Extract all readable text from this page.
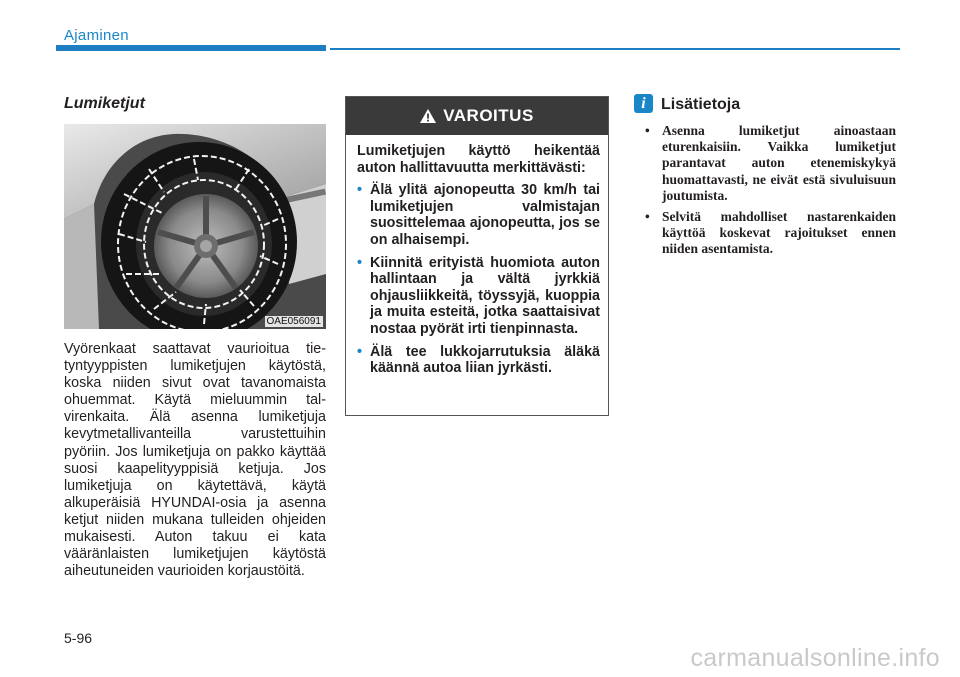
Ajaminen
Lumiketjut
OAE056091
Vyörenkaat saattavat vaurioitua tietyntyyppisten lumiketjujen käytöstä, koska niiden sivut ovat tavanomaista ohuemmat. Käytä mieluummin talvirenkaita. Älä asenna lumiketjuja kevytmetallivanteilla varustettuihin pyöriin. Jos lumiketjuja on pakko käyttää suosi kaapelityyppisiä ketjuja. Jos lumiketjuja on käytettävä, käytä alkuperäisiä HYUNDAI-osia ja asenna ketjut niiden mukana tulleiden ohjeiden mukaisesti. Auton takuu ei kata vääränlaisten lumiketjujen käytöstä aiheutuneiden vaurioiden korjaustöitä.
VAROITUS
Lumiketjujen käyttö heikentää auton hallittavuutta merkittävästi:
• Älä ylitä ajonopeutta 30 km/h tai lumiketjujen valmistajan suosittelemaa ajonopeutta, jos se on alhaisempi.
• Kiinnitä erityistä huomiota auton hallintaan ja vältä jyrkkiä ohjausliikkeitä, töyssyjä, kuoppia ja muita esteitä, jotka saattaisivat nostaa pyörät irti tienpinnasta.
• Älä tee lukkojarrutuksia äläkä käännä autoa liian jyrkästi.
i Lisätietoja
• Asenna lumiketjut ainoastaan eturenkaisiin. Vaikka lumiketjut parantavat auton etenemiskykyä huomattavasti, ne eivät estä sivuluisuun joutumista.
• Selvitä mahdolliset nastarenkaiden käyttöä koskevat rajoitukset ennen niiden asentamista.
5-96
carmanualsonline.info
